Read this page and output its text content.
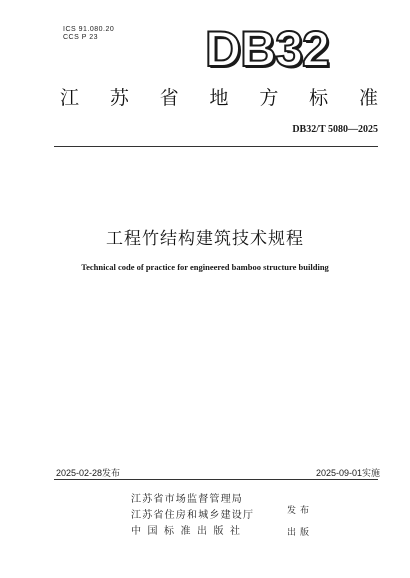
ICS 91.080.20
CCS P 23	DB32
江 苏 省 地 方 标 准
DB32/T 5080—2025
工程竹结构建筑技术规程
Technical code of practice for engineered bamboo structure building
2025-02-28发布	2025-09-01实施
江苏省市场监督管理局
江苏省住房和城乡建设厅
中国标准出版社
发布
出版
